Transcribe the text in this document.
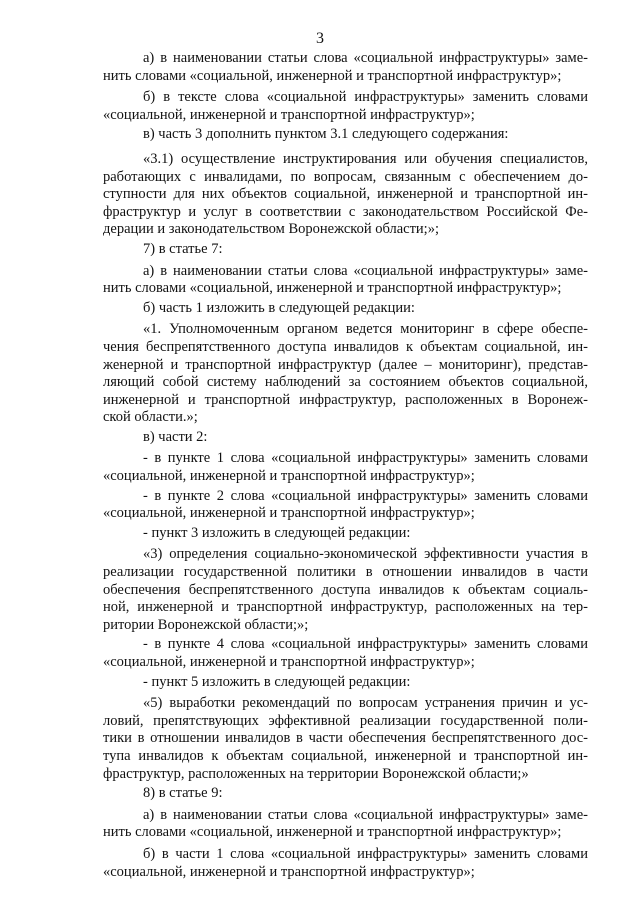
3
а) в наименовании статьи слова «социальной инфраструктуры» заме-
нить словами «социальной, инженерной и транспортной инфраструктур»;
б) в тексте слова «социальной инфраструктуры» заменить словами
«социальной, инженерной и транспортной инфраструктур»;
в) часть 3 дополнить пунктом 3.1 следующего содержания:
«3.1) осуществление инструктирования или обучения специалистов,
работающих с инвалидами, по вопросам, связанным с обеспечением до-
ступности для них объектов социальной, инженерной и транспортной ин-
фраструктур и услуг в соответствии с законодательством Российской Фе-
дерации и законодательством Воронежской области;»;
7) в статье 7:
а) в наименовании статьи слова «социальной инфраструктуры» заме-
нить словами «социальной, инженерной и транспортной инфраструктур»;
б) часть 1 изложить в следующей редакции:
«1. Уполномоченным органом ведется мониторинг в сфере обеспе-
чения беспрепятственного доступа инвалидов к объектам социальной, ин-
женерной и транспортной инфраструктур (далее – мониторинг), представ-
ляющий собой систему наблюдений за состоянием объектов социальной,
инженерной и транспортной инфраструктур, расположенных в Воронеж-
ской области.»;
в) части 2:
- в пункте 1 слова «социальной инфраструктуры» заменить словами
«социальной, инженерной и транспортной инфраструктур»;
- в пункте 2 слова «социальной инфраструктуры» заменить словами
«социальной, инженерной и транспортной инфраструктур»;
- пункт 3 изложить в следующей редакции:
«3) определения социально-экономической эффективности участия в
реализации государственной политики в отношении инвалидов в части
обеспечения беспрепятственного доступа инвалидов к объектам социаль-
ной, инженерной и транспортной инфраструктур, расположенных на тер-
ритории Воронежской области;»;
- в пункте 4 слова «социальной инфраструктуры» заменить словами
«социальной, инженерной и транспортной инфраструктур»;
- пункт 5 изложить в следующей редакции:
«5) выработки рекомендаций по вопросам устранения причин и ус-
ловий, препятствующих эффективной реализации государственной поли-
тики в отношении инвалидов в части обеспечения беспрепятственного дос-
тупа инвалидов к объектам социальной, инженерной и транспортной ин-
фраструктур, расположенных на территории Воронежской области;»
8) в статье 9:
а) в наименовании статьи слова «социальной инфраструктуры» заме-
нить словами «социальной, инженерной и транспортной инфраструктур»;
б) в части 1 слова «социальной инфраструктуры» заменить словами
«социальной, инженерной и транспортной инфраструктур»;
